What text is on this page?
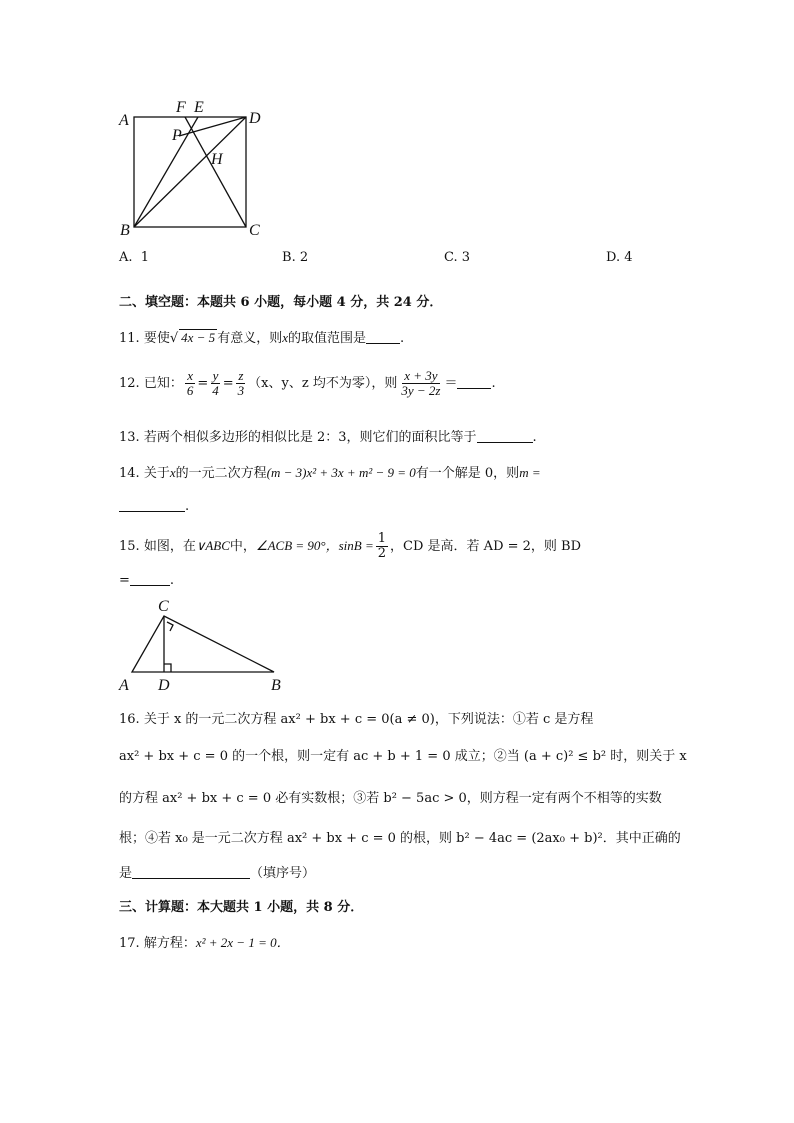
A
F E
D
P
H
B	C
A. 1	B. 2	C. 3	D. 4
二、填空题：本题共 6 小题，每小题 4 分，共 24 分．
11. 要使√ 4x − 5 有意义，则x的取值范围是	.
12. 已知： $\frac{x}{6} = \frac{y}{4} = \frac{z}{3} (x$、y、z 均不为零），则 $\frac{x + 3y}{3y - 2z}$ ＝	.
13. 若两个相似多边形的相似比是 2：3，则它们的面积比等于	.
14. 关于x的一元二次方程(m − 3)x² + 3x + m² − 9 = 0有一个解是 0，则m =
.
15. 如图，在∨ABC中，∠ACB = 90°，$\sin B = \frac{1}{2}$ ，CD 是高．若 AD = 2，则 BD
=	.
C
A D	B
16. 关于 x 的一元二次方程 ax² + bx + c = 0(a ≠ 0)，下列说法：①若 c 是方程
ax² + bx + c = 0 的一个根，则一定有 ac + b + 1 = 0 成立；②当 (a + c)² ≤ b² 时，则关于 x
的方程 ax² + bx + c = 0 必有实数根；③若 b² − 5ac > 0，则方程一定有两个不相等的实数
根；④若 x₀ 是一元二次方程 ax² + bx + c = 0 的根，则 b² − 4ac = (2ax₀ + b)²．其中正确的
是	（填序号）
三、计算题：本大题共 1 小题，共 8 分．
17. 解方程：x² + 2x − 1 = 0．
